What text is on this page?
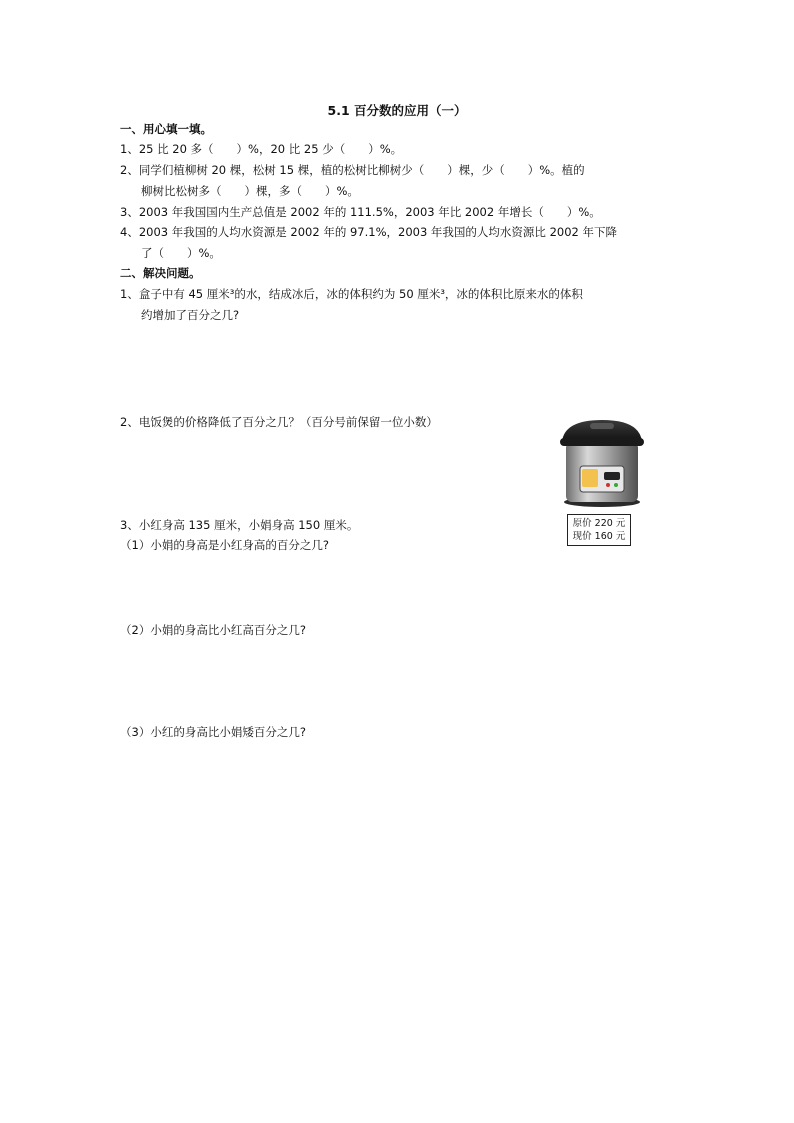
5.1 百分数的应用（一）
一、用心填一填。
1、25 比 20 多（　　）%，20 比 25 少（　　）%。
2、同学们植柳树 20 棵，松树 15 棵，植的松树比柳树少（　　）棵，少（　　）%。植的
柳树比松树多（　　）棵，多（　　）%。
3、2003 年我国国内生产总值是 2002 年的 111.5%，2003 年比 2002 年增长（　　）%。
4、2003 年我国的人均水资源是 2002 年的 97.1%，2003 年我国的人均水资源比 2002 年下降
了（　　）%。
二、解决问题。
1、盒子中有 45 厘米³的水，结成冰后，冰的体积约为 50 厘米³，冰的体积比原来水的体积
约增加了百分之几?
2、电饭煲的价格降低了百分之几？（百分号前保留一位小数）
原价 220 元
现价 160 元
3、小红身高 135 厘米，小娟身高 150 厘米。
（1）小娟的身高是小红身高的百分之几?
（2）小娟的身高比小红高百分之几?
（3）小红的身高比小娟矮百分之几?
